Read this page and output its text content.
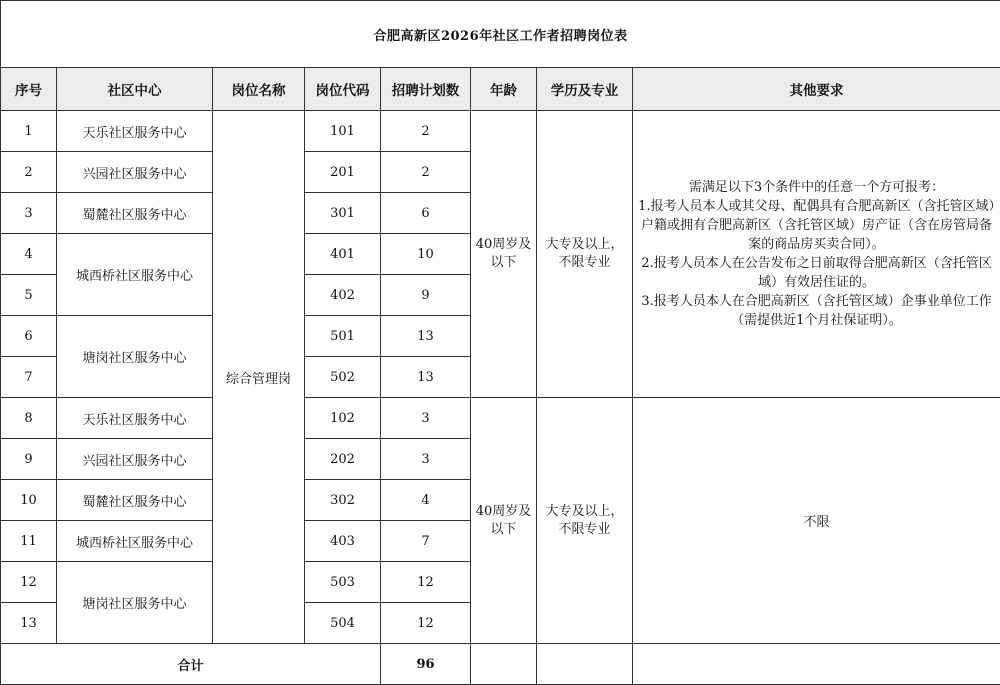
合肥高新区2026年社区工作者招聘岗位表							
序号	社区中心	岗位名称	岗位代码	招聘计划数	年龄	学历及专业	其他要求
1	天乐社区服务中心	综合管理岗	101	2	40周岁及以下	大专及以上，不限专业	需满足以下3个条件中的任意一个方可报考：

1.报考人员本人或其父母、配偶具有合肥高新区（含托管区域）户籍或拥有合肥高新区（含托管区域）房产证（含在房管局备案的商品房买卖合同）。

2.报考人员本人在公告发布之日前取得合肥高新区（含托管区域）有效居住证的。

3.报考人员本人在合肥高新区（含托管区域）企事业单位工作（需提供近1个月社保证明）。

2	兴园社区服务中心		201	2			
3	蜀麓社区服务中心		301	6			
4	城西桥社区服务中心		401	10			
5			402	9			
6	塘岗社区服务中心		501	13			
7			502	13			
8	天乐社区服务中心		102	3	40周岁及以下	大专及以上，不限专业	不限
9	兴园社区服务中心		202	3			
10	蜀麓社区服务中心		302	4			
11	城西桥社区服务中心		403	7			
12	塘岗社区服务中心		503	12			
13			504	12			
合计				96			
